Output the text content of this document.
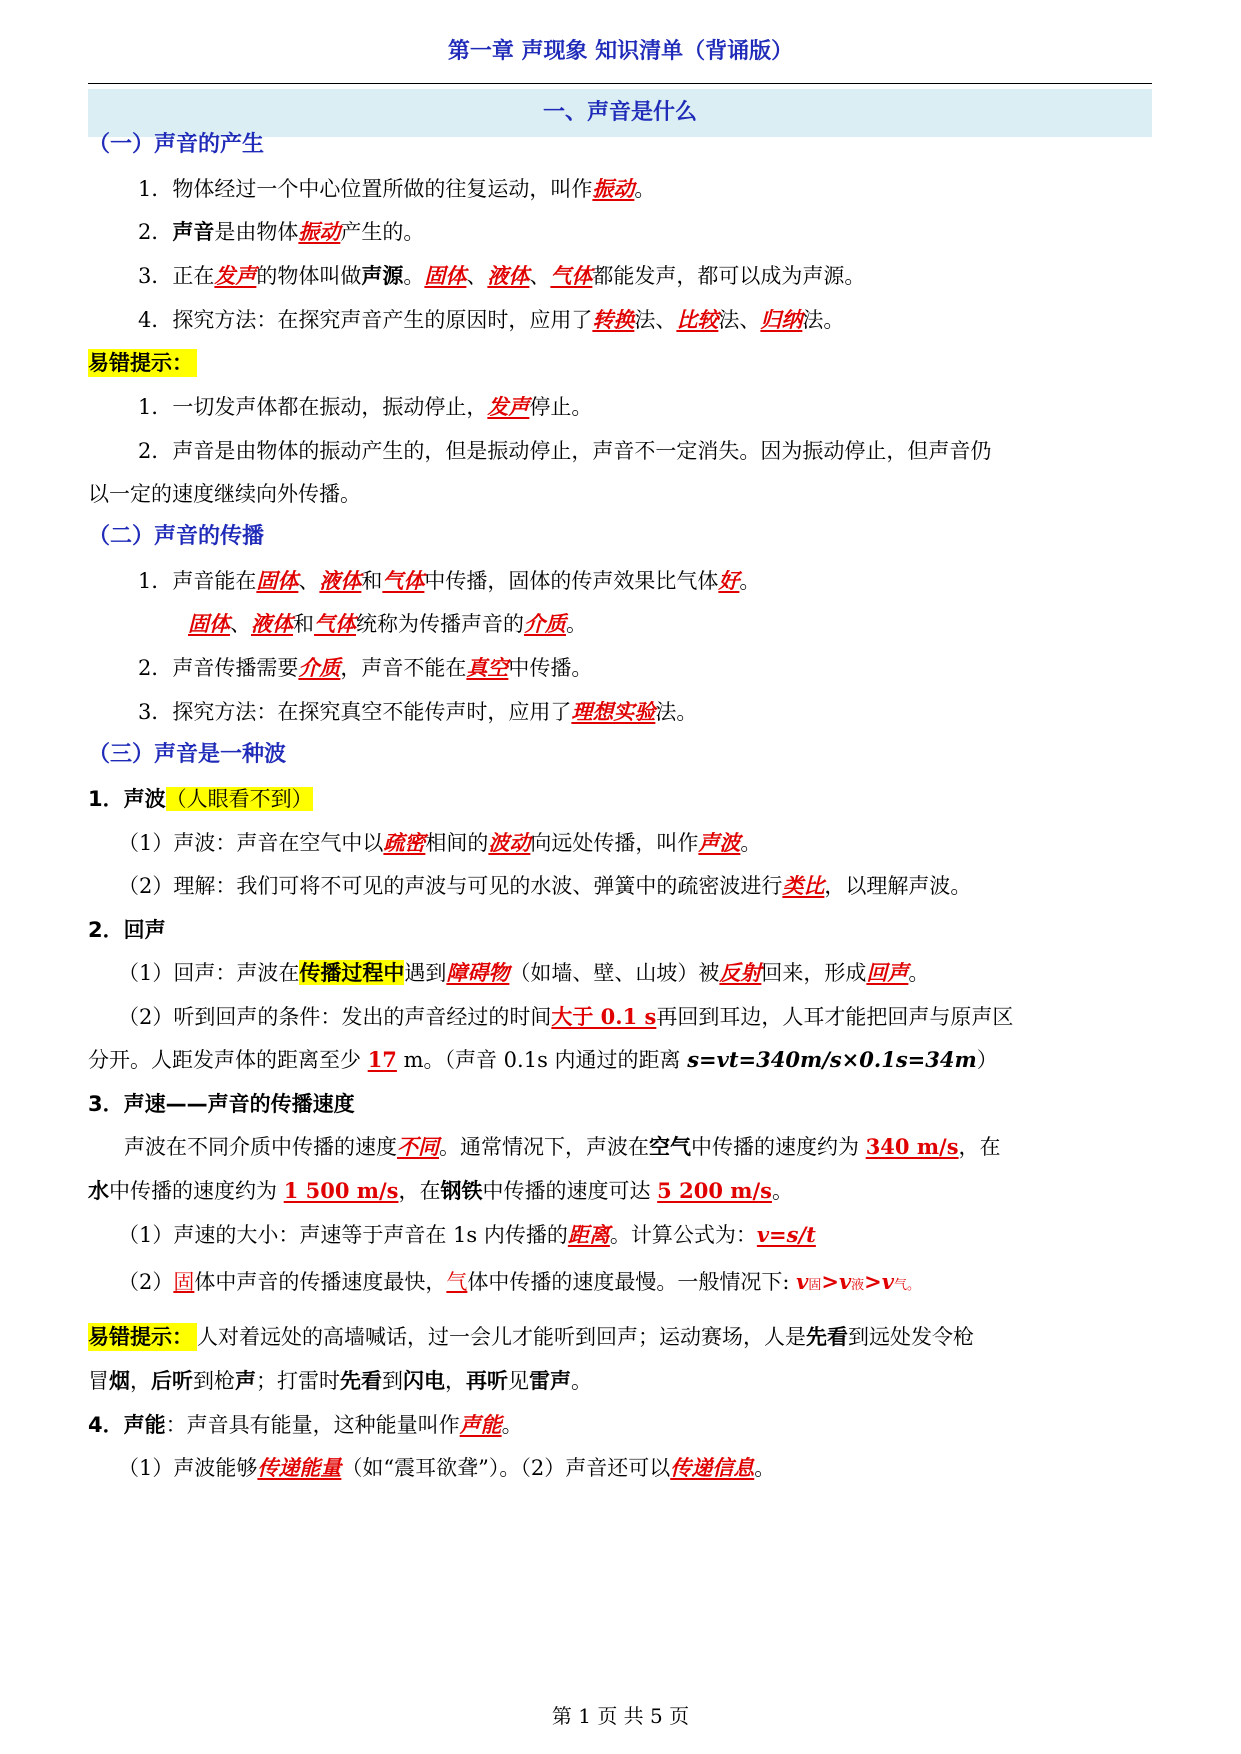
第一章 声现象 知识清单（背诵版）
一、声音是什么
（一）声音的产生
1．物体经过一个中心位置所做的往复运动，叫作振动。
2．声音是由物体振动产生的。
3．正在发声的物体叫做声源。固体、液体、气体都能发声，都可以成为声源。
4．探究方法：在探究声音产生的原因时，应用了转换法、比较法、归纳法。
易错提示：
1．一切发声体都在振动，振动停止，发声停止。
2．声音是由物体的振动产生的，但是振动停止，声音不一定消失。因为振动停止，但声音仍
以一定的速度继续向外传播。
（二）声音的传播
1．声音能在固体、液体和气体中传播，固体的传声效果比气体好。
固体、液体和气体统称为传播声音的介质。
2．声音传播需要介质，声音不能在真空中传播。
3．探究方法：在探究真空不能传声时，应用了理想实验法。
（三）声音是一种波
1．声波（人眼看不到）
（1）声波：声音在空气中以疏密相间的波动向远处传播，叫作声波。
（2）理解：我们可将不可见的声波与可见的水波、弹簧中的疏密波进行类比，以理解声波。
2．回声
（1）回声：声波在传播过程中遇到障碍物（如墙、壁、山坡）被反射回来，形成回声。
（2）听到回声的条件：发出的声音经过的时间大于 0.1 s再回到耳边，人耳才能把回声与原声区
分开。人距发声体的距离至少 17 m。（声音 0.1s 内通过的距离 s=vt=340m/s×0.1s=34m）
3．声速——声音的传播速度
声波在不同介质中传播的速度不同。通常情况下，声波在空气中传播的速度约为 340 m/s，在
水中传播的速度约为 1 500 m/s，在钢铁中传播的速度可达 5 200 m/s。
（1）声速的大小：声速等于声音在 1s 内传播的距离。计算公式为：v=s/t
（2）固体中声音的传播速度最快，气体中传播的速度最慢。一般情况下: v固>v液>v气。
易错提示： 人对着远处的高墙喊话，过一会儿才能听到回声；运动赛场，人是先看到远处发令枪
冒烟，后听到枪声；打雷时先看到闪电，再听见雷声。
4．声能：声音具有能量，这种能量叫作声能。
（1）声波能够传递能量（如“震耳欲聋”）。（2）声音还可以传递信息。
第 1 页 共 5 页
